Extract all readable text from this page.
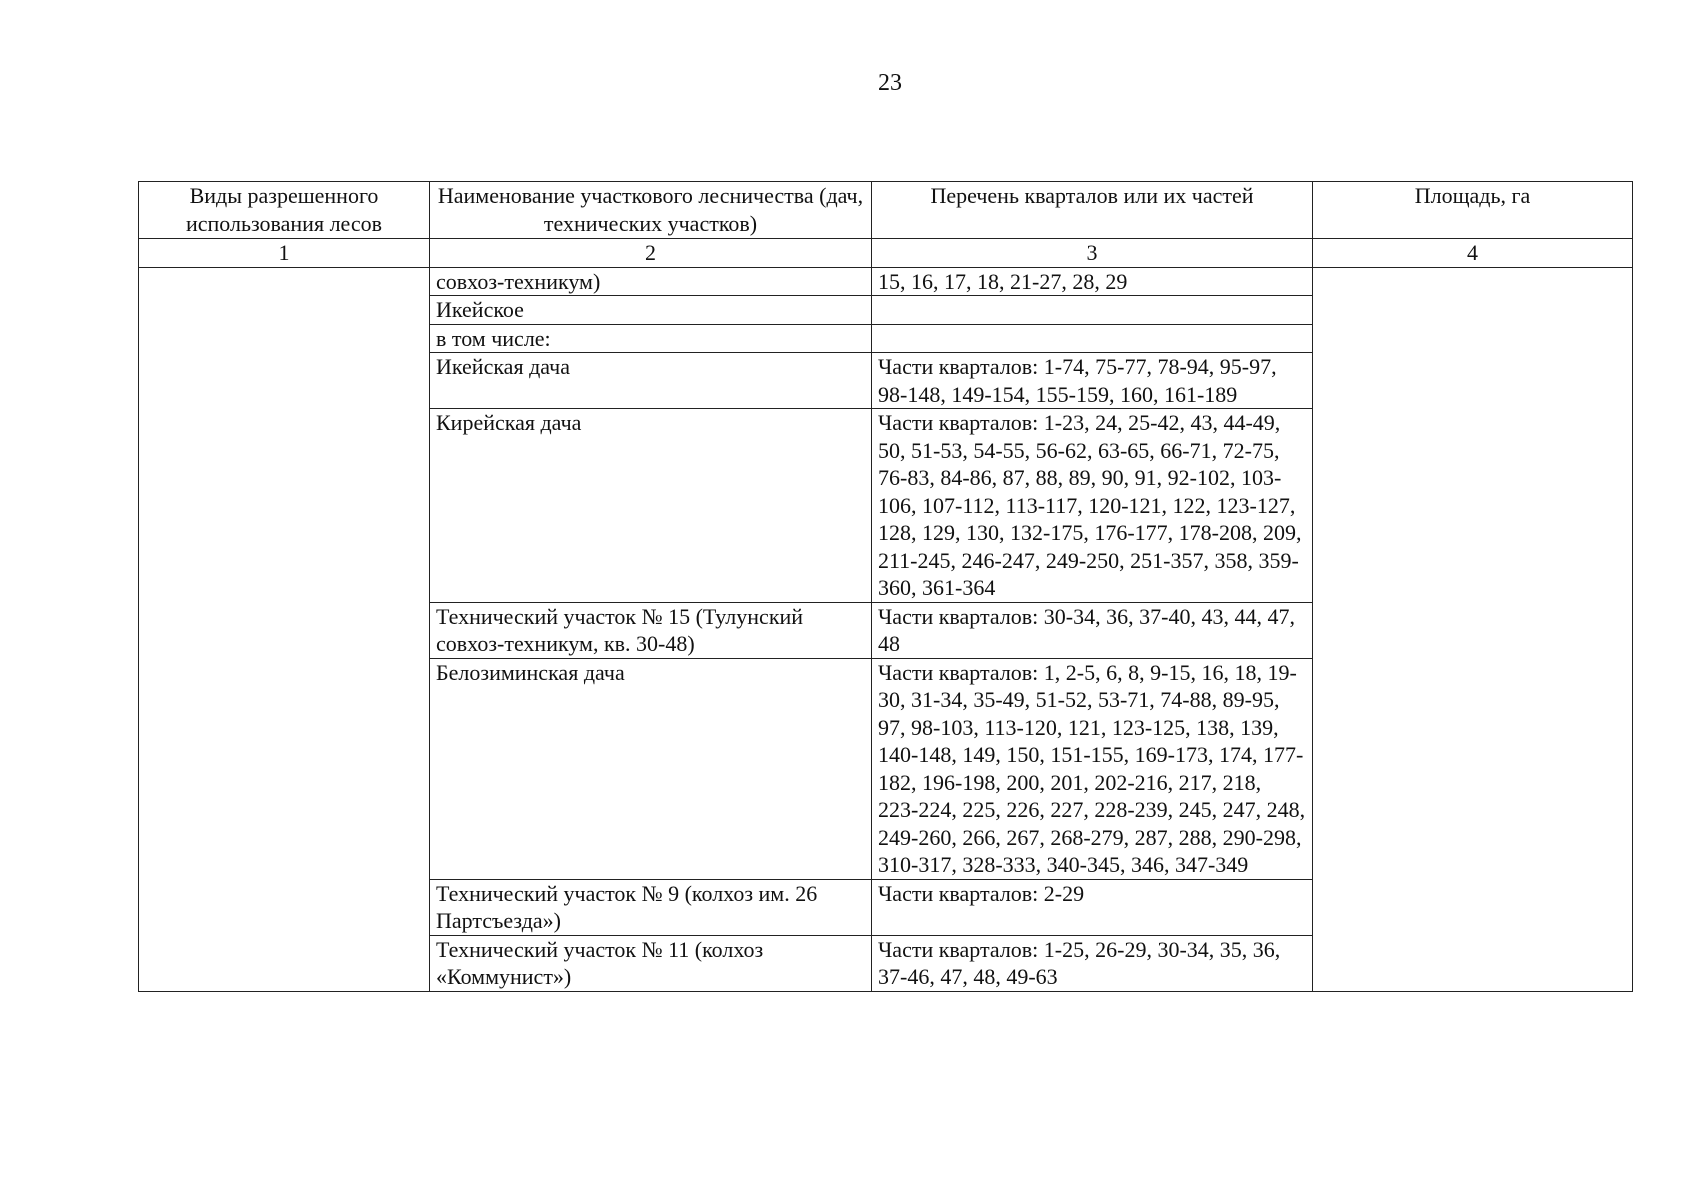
23
Виды разрешенного использования лесов	Наименование участкового лесничества (дач, технических участков)	Перечень кварталов или их частей	Площадь, га
1	2	3	4
	совхоз-техникум)	15, 16, 17, 18, 21-27, 28, 29	
	Икейское		
	в том числе:		
	Икейская дача	Части кварталов: 1-74, 75-77, 78-94, 95-97, 98-148, 149-154, 155-159, 160, 161-189	
	Кирейская дача	Части кварталов: 1-23, 24, 25-42, 43, 44-49, 50, 51-53, 54-55, 56-62, 63-65, 66-71, 72-75, 76-83, 84-86, 87, 88, 89, 90, 91, 92-102, 103-106, 107-112, 113-117, 120-121, 122, 123-127, 128, 129, 130, 132-175, 176-177, 178-208, 209, 211-245, 246-247, 249-250, 251-357, 358, 359-360, 361-364	
	Технический участок № 15 (Тулунский совхоз-техникум, кв. 30-48)	Части кварталов: 30-34, 36, 37-40, 43, 44, 47, 48	
	Белозиминская дача	Части кварталов: 1, 2-5, 6, 8, 9-15, 16, 18, 19-30, 31-34, 35-49, 51-52, 53-71, 74-88, 89-95, 97, 98-103, 113-120, 121, 123-125, 138, 139, 140-148, 149, 150, 151-155, 169-173, 174, 177-182, 196-198, 200, 201, 202-216, 217, 218, 223-224, 225, 226, 227, 228-239, 245, 247, 248, 249-260, 266, 267, 268-279, 287, 288, 290-298, 310-317, 328-333, 340-345, 346, 347-349	
	Технический участок № 9 (колхоз им. 26 Партсъезда»)	Части кварталов: 2-29	
	Технический участок № 11 (колхоз «Коммунист»)	Части кварталов: 1-25, 26-29, 30-34, 35, 36, 37-46, 47, 48, 49-63	
